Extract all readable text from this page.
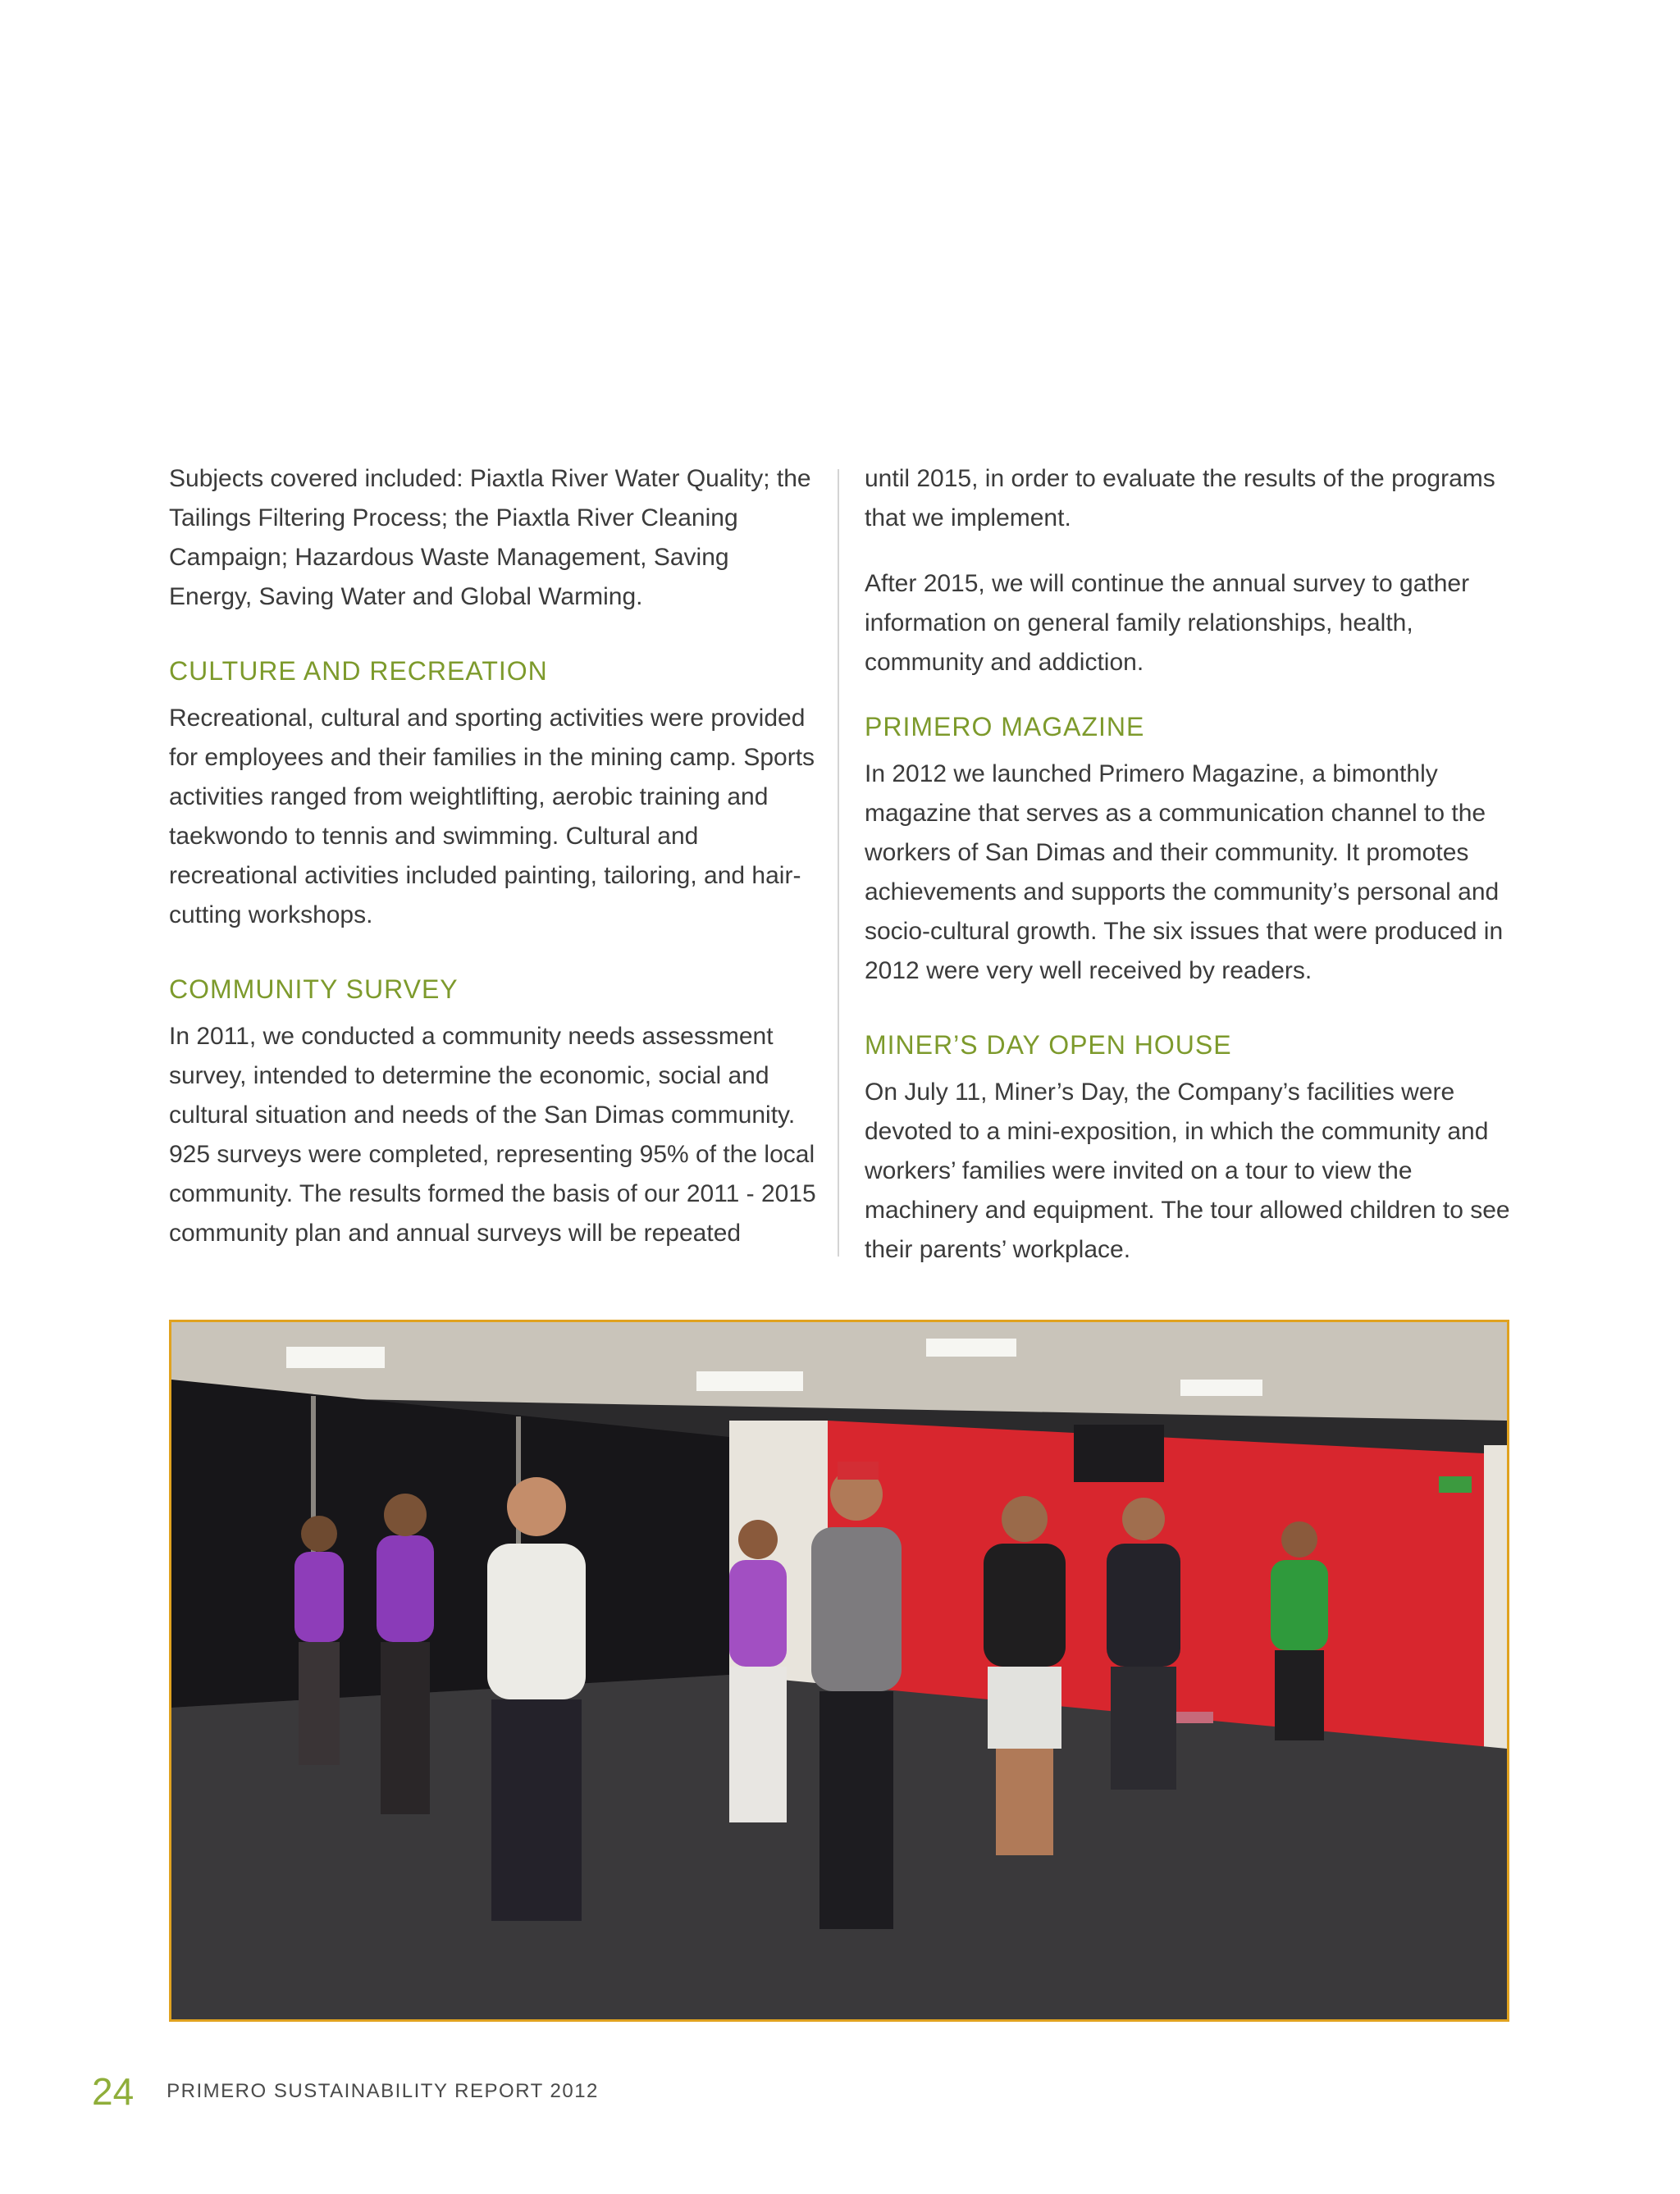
Subjects covered included: Piaxtla River Water Quality; the Tailings Filtering Process; the Piaxtla River Cleaning Campaign; Hazardous Waste Management, Saving Energy, Saving Water and Global Warming.

CULTURE AND RECREATION

Recreational, cultural and sporting activities were provided for employees and their families in the mining camp. Sports activities ranged from weightlifting, aerobic training and taekwondo to tennis and swimming. Cultural and recreational activities included painting, tailoring, and hair-cutting workshops.

COMMUNITY SURVEY

In 2011, we conducted a community needs assessment survey, intended to determine the economic, social and cultural situation and needs of the San Dimas community. 925 surveys were completed, representing 95% of the local community. The results formed the basis of our 2011 - 2015 community plan and annual surveys will be repeated

until 2015, in order to evaluate the results of the programs that we implement.

After 2015, we will continue the annual survey to gather information on general family relationships, health, community and addiction.

PRIMERO MAGAZINE

In 2012 we launched Primero Magazine, a bimonthly magazine that serves as a communication channel to the workers of San Dimas and their community. It promotes achievements and supports the community’s personal and socio-cultural growth. The six issues that were produced in 2012 were very well received by readers.

MINER’S DAY OPEN HOUSE

On July 11, Miner’s Day, the Company’s facilities were devoted to a mini-exposition, in which the community and workers’ families were invited on a tour to view the machinery and equipment. The tour allowed children to see their parents’ workplace.

24 PRIMERO SUSTAINABILITY REPORT 2012
